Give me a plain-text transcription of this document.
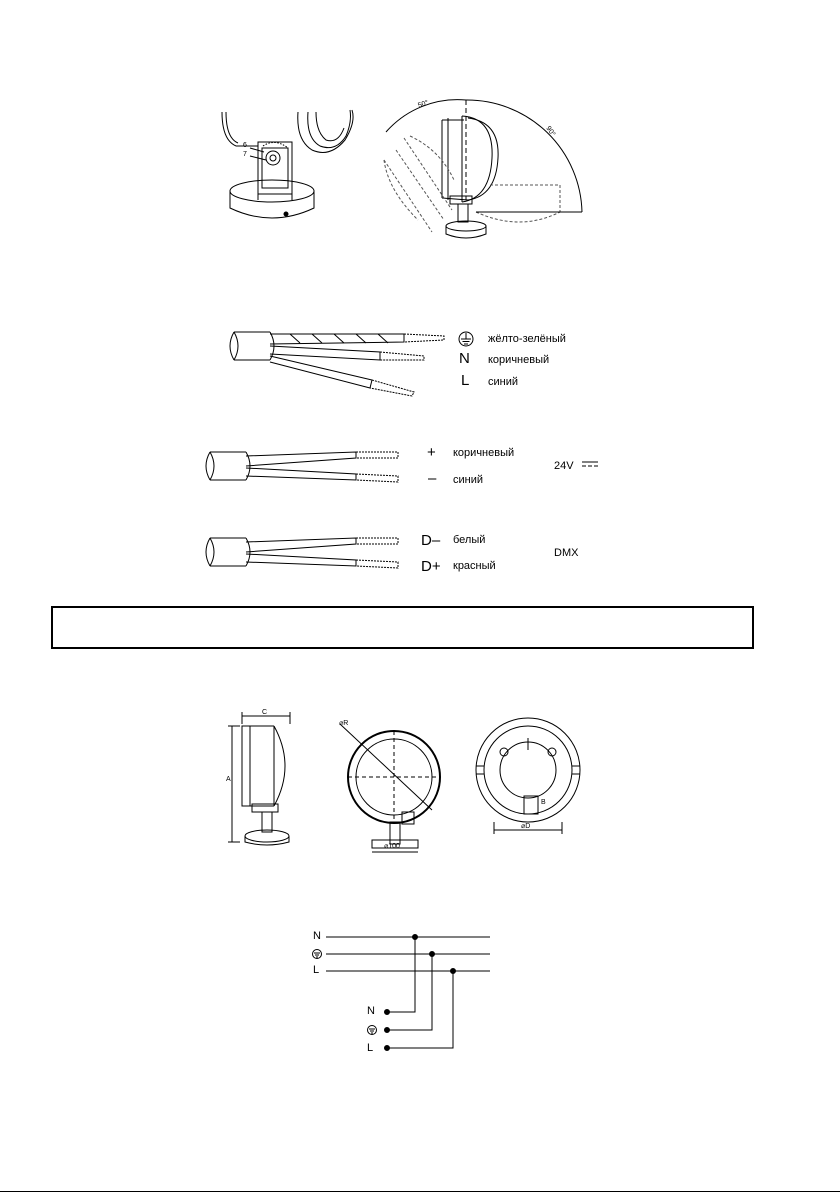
6
7
50°
90°
N
L
жёлто-зелёный
коричневый
синий
+
–
коричневый
синий
24V
D–
D+
белый
красный
DMX
A
C
⌀R
⌀100
⌀D
B
N
L
N
L
